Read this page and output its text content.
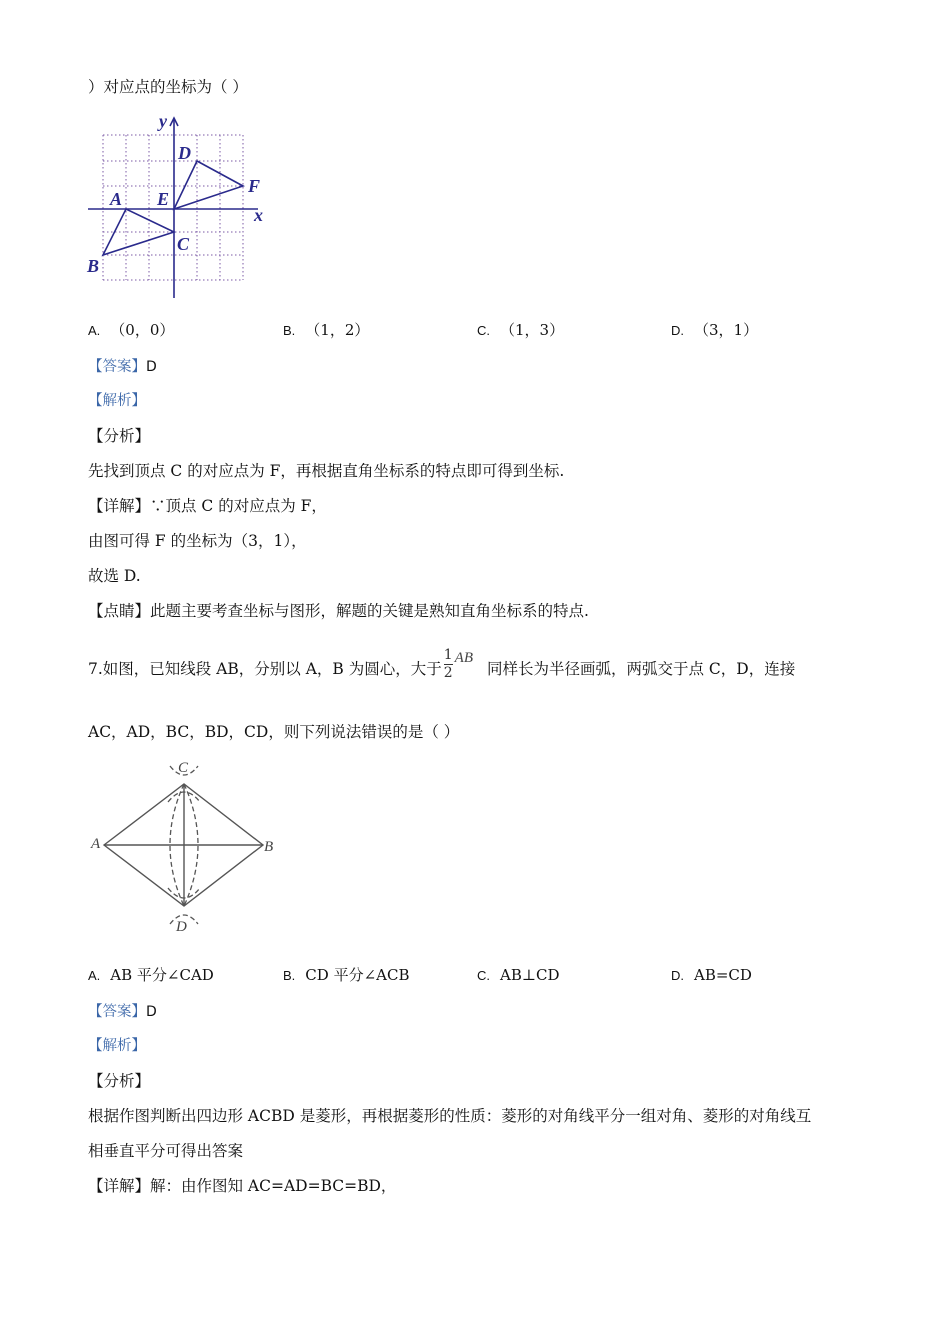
）对应点的坐标为（ ）
y
x
D
F
A E
C
B
A. （0，0）	B. （1，2）	C. （1，3）	D. （3，1）
【答案】D
【解析】
【分析】
先找到顶点 C 的对应点为 F，再根据直角坐标系的特点即可得到坐标.
【详解】∵顶点 C 的对应点为 F，
由图可得 F 的坐标为（3，1），
故选 D.
【点睛】此题主要考查坐标与图形，解题的关键是熟知直角坐标系的特点.
7.如图，已知线段 AB，分别以 A，B 为圆心，大于 $\frac{1}{2}$ AB同样长为半径画弧，两弧交于点 C，D，连接
AC，AD，BC，BD，CD，则下列说法错误的是（ ）
C
A	B
D
A. AB 平分∠CAD	B. CD 平分∠ACB	C. AB⊥CD	D. AB=CD
【答案】D
【解析】
【分析】
根据作图判断出四边形 ACBD 是菱形，再根据菱形的性质：菱形的对角线平分一组对角、菱形的对角线互
相垂直平分可得出答案
【详解】解：由作图知 AC=AD=BC=BD，
